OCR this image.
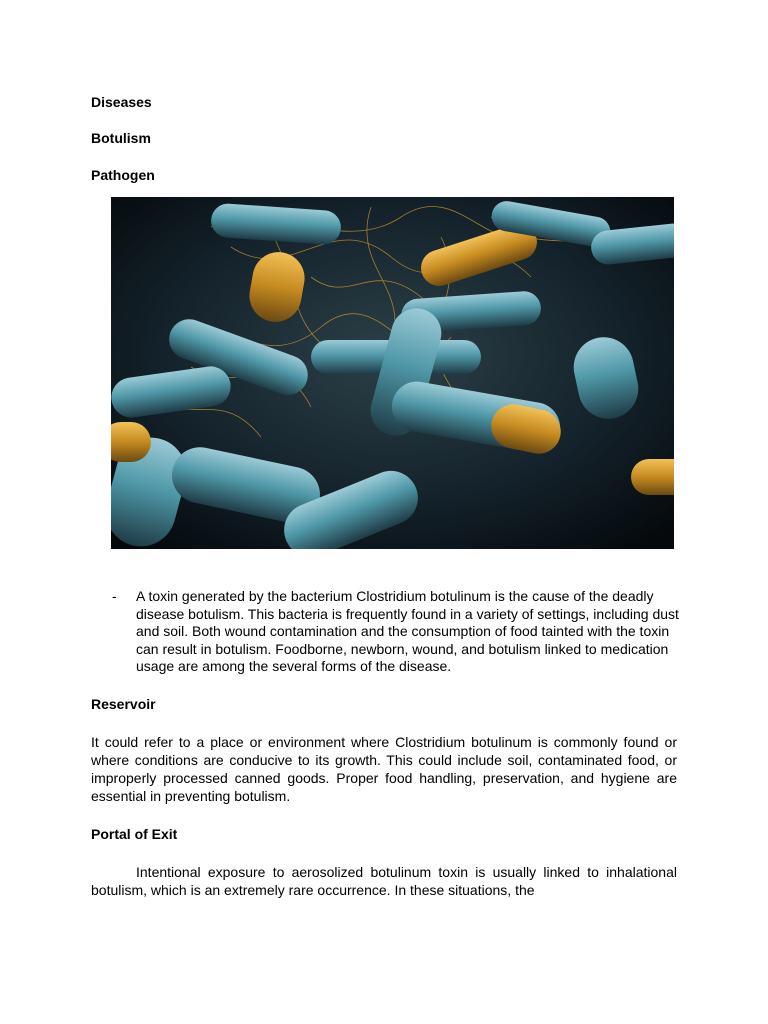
Diseases
Botulism
Pathogen
- A toxin generated by the bacterium Clostridium botulinum is the cause of the deadly disease botulism. This bacteria is frequently found in a variety of settings, including dust and soil. Both wound contamination and the consumption of food tainted with the toxin can result in botulism. Foodborne, newborn, wound, and botulism linked to medication usage are among the several forms of the disease.
Reservoir

It could refer to a place or environment where Clostridium botulinum is commonly found or where conditions are conducive to its growth. This could include soil, contaminated food, or improperly processed canned goods. Proper food handling, preservation, and hygiene are essential in preventing botulism.

Portal of Exit

Intentional exposure to aerosolized botulinum toxin is usually linked to inhalational botulism, which is an extremely rare occurrence. In these situations, the
